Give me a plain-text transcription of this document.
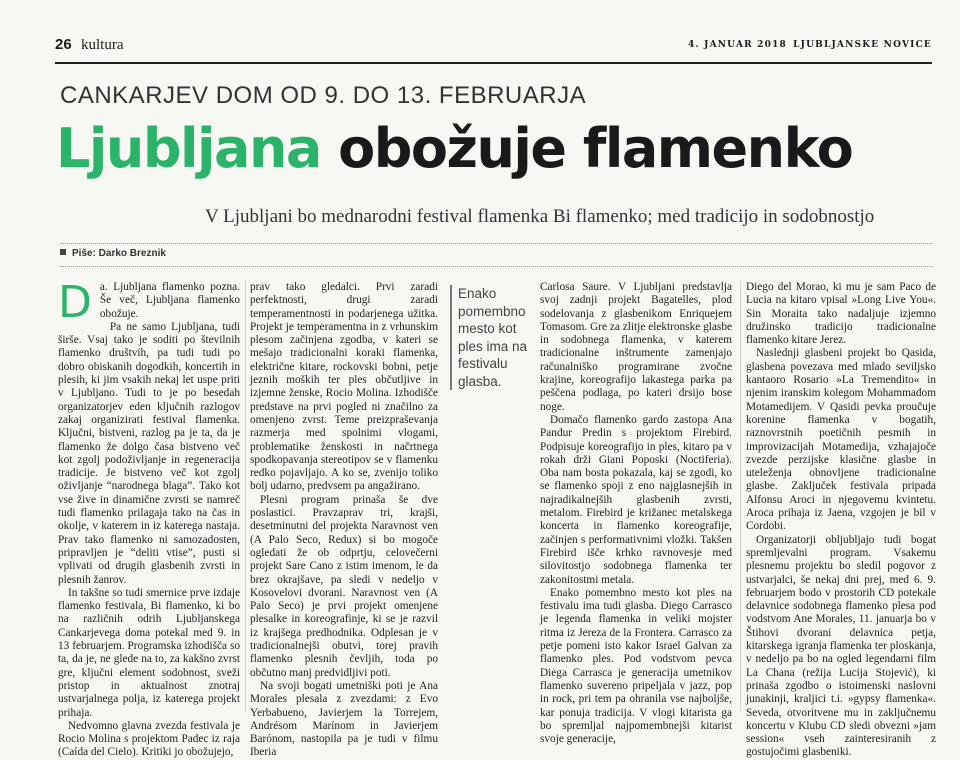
26 kultura	4. JANUAR 2018 LJUBLJANSKE NOVICE
CANKARJEV DOM OD 9. DO 13. FEBRUARJA
Ljubljana obožuje flamenko
V Ljubljani bo mednarodni festival flamenka Bi flamenko; med tradicijo in sodobnostjo
Piše: Darko Breznik
D a. Ljubljana flamenko pozna. Še več, Ljubljana flamenko obožuje.

Pa ne samo Ljubljana, tudi širše. Vsaj tako je soditi po številnih flamenko društvih, pa tudi tudi po dobro obiskanih dogodkih, koncertih in plesih, ki jim vsakih nekaj let uspe priti v Ljubljano. Tudi to je po besedah organizatorjev eden ključnih razlogov zakaj organizirati festival flamenka. Ključni, bistveni, razlog pa je ta, da je flamenko že dolgo časa bistveno več kot zgolj podoživljanje in regeneracija tradicije. Je bistveno več kot zgolj oživljanje “narodnega blaga”. Tako kot vse žive in dinamične zvrsti se namreč tudi flamenko prilagaja tako na čas in okolje, v katerem in iz katerega nastaja. Prav tako flamenko ni samozadosten, pripravljen je “deliti vtise”, pusti si vplivati od drugih glasbenih zvrsti in plesnih žanrov.

In takšne so tudi smernice prve izdaje flamenko festivala, Bi flamenko, ki bo na različnih odrih Ljubljanskega Cankarjevega doma potekal med 9. in 13 februarjem. Programska izhodišča so ta, da je, ne glede na to, za kakšno zvrst gre, ključni element sodobnost, sveži pristop in aktualnost znotraj ustvarjalnega polja, iz katerega projekt prihaja.

Nedvomno glavna zvezda festivala je Rocio Molina s projektom Padec iz raja (Caída del Cielo). Kritiki jo obožujejo,

prav tako gledalci. Prvi zaradi perfektnosti, drugi zaradi temperamentnosti in podarjenega užitka. Projekt je temperamentna in z vrhunskim plesom začinjena zgodba, v kateri se mešajo tradicionalni koraki flamenka, električne kitare, rockovski bobni, petje jeznih moških ter ples občutljive in izjemne ženske, Rocio Molina. Izhodišče predstave na prvi pogled ni značilno za omenjeno zvrst. Teme preizpraševanja razmerja med spolnimi vlogami, problematike ženskosti in načrtnega spodkopavanja stereotipov se v flamenku redko pojavljajo. A ko se, zvenijo toliko bolj udarno, predvsem pa angažirano.

Plesni program prinaša še dve poslastici. Pravzaprav tri, krajši, desetminutni del projekta Naravnost ven (A Palo Seco, Redux) si bo mogoče ogledati že ob odprtju, celovečerni projekt Sare Cano z istim imenom, le da brez okrajšave, pa sledi v nedeljo v Kosovelovi dvorani. Naravnost ven (A Palo Seco) je prvi projekt omenjene plesalke in koreografinje, ki se je razvil iz krajšega predhodnika. Odplesan je v tradicionalnejši obutvi, torej pravih flamenko plesnih čevljih, toda po občutno manj predvidljivi poti.

Na svoji bogati umetniški poti je Ana Morales plesala z zvezdami: z Evo Yerbabueno, Javierjem la Torrejem, Andrésom Marínom in Javierjem Barónom, nastopila pa je tudi v filmu Iberia

Enako pomembno mesto kot ples ima na festivalu glasba.

Carlosa Saure. V Ljubljani predstavlja svoj zadnji projekt Bagatelles, plod sodelovanja z glasbenikom Enriquejem Tomasom. Gre za zlitje elektronske glasbe in sodobnega flamenka, v katerem tradicionalne inštrumente zamenjajo računalniško programirane zvočne krajine, koreografijo lakastega parka pa peščena podlaga, po kateri drsijo bose noge.

Domačo flamenko gardo zastopa Ana Pandur Predin s projektom Firebird. Podpisuje koreografijo in ples, kitaro pa v rokah drži Giani Poposki (Noctiferia). Oba nam bosta pokazala, kaj se zgodi, ko se flamenko spoji z eno najglasnejših in najradikalnejših glasbenih zvrsti, metalom. Firebird je križanec metalskega koncerta in flamenko koreografije, začinjen s performativnimi vložki. Takšen Firebird išče krhko ravnovesje med silovitostjo sodobnega flamenka ter zakonitostmi metala.

Enako pomembno mesto kot ples na festivalu ima tudi glasba. Diego Carrasco je legenda flamenka in veliki mojster ritma iz Jereza de la Frontera. Carrasco za petje pomeni isto kakor Israel Galvan za flamenko ples. Pod vodstvom pevca Diega Carrasca je generacija umetnikov flamenko suvereno pripeljala v jazz, pop in rock, pri tem pa ohranila vse najboljše, kar ponuja tradicija. V vlogi kitarista ga bo spremljal najpomembnejši kitarist svoje generacije,

Diego del Morao, ki mu je sam Paco de Lucia na kitaro vpisal »Long Live You«. Sin Moraita tako nadaljuje izjemno družinsko tradicijo tradicionalne flamenko kitare Jerez.

Naslednji glasbeni projekt bo Qasida, glasbena povezava med mlado seviljsko kantaoro Rosario »La Tremendito« in njenim iranskim kolegom Mohammadom Motamedijem. V Qasidi pevka proučuje korenine flamenka v bogatih, raznovrstnih poetičnih pesmih in improvizacijah Motamedija, vzhajajoče zvezde perzijske klasične glasbe in uteleženja obnovljene tradicionalne glasbe. Zaključek festivala pripada Alfonsu Aroci in njegovemu kvintetu. Aroca prihaja iz Jaena, vzgojen je bil v Cordobi.

Organizatorji obljubljajo tudi bogat spremljevalni program. Vsakemu plesnemu projektu bo sledil pogovor z ustvarjalci, še nekaj dni prej, med 6. 9. februarjem bodo v prostorih CD potekale delavnice sodobnega flamenko plesa pod vodstvom Ane Morales, 11. januarja bo v Štihovi dvorani delavnica petja, kitarskega igranja flamenka ter ploskanja, v nedeljo pa bo na ogled legendarni film La Chana (režija Lucija Stojević), ki prinaša zgodbo o istoimenski naslovni junakinji, kraljici t.i. »gypsy flamenka«. Seveda, otvoritvene mu in zaključnemu koncertu v Klubu CD sledi obvezni »jam session« vseh zainteresiranih z gostujočimi glasbeniki.
